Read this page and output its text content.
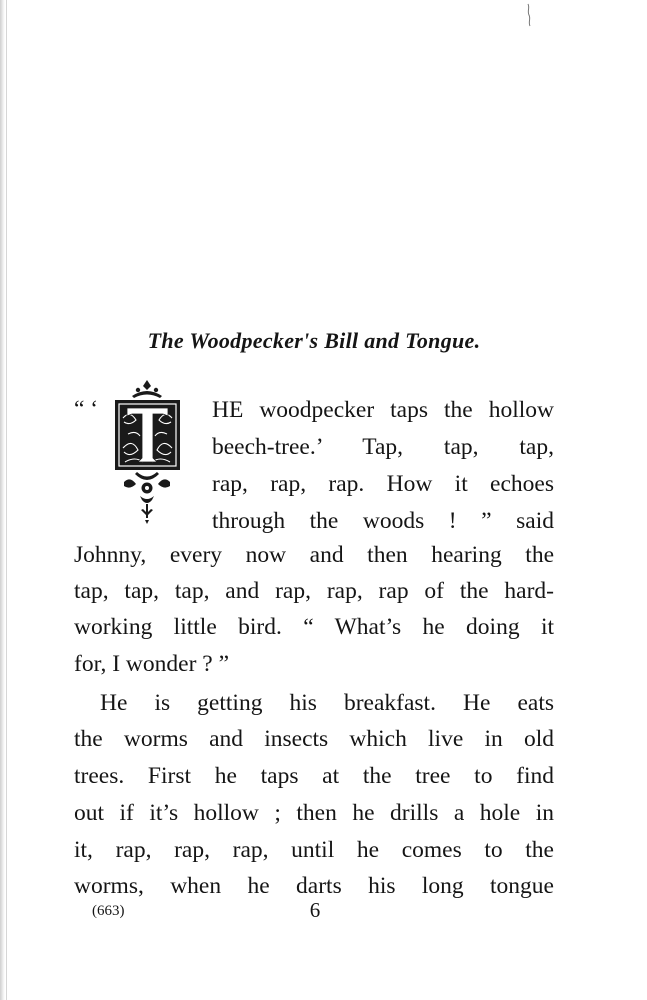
The Woodpecker's Bill and Tongue.
“ ‘	HE woodpecker taps the hollow
beech-tree.’ Tap, tap, tap,
rap, rap, rap. How it echoes
through the woods ! ” said
Johnny, every now and then hearing the
tap, tap, tap, and rap, rap, rap of the hard-
working little bird. “ What’s he doing it
for, I wonder ? ”
He is getting his breakfast. He eats
the worms and insects which live in old
trees. First he taps at the tree to find
out if it’s hollow ; then he drills a hole in
it, rap, rap, rap, until he comes to the
worms, when he darts his long tongue
(663)	6
